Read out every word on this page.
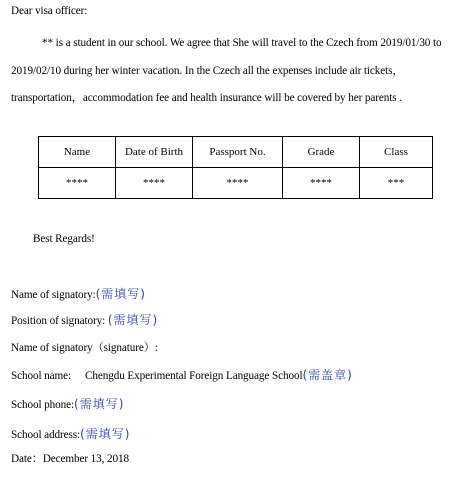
Dear visa officer:
** is a student in our school. We agree that She will travel to the Czech from 2019/01/30 to
2019/02/10 during her winter vacation. In the Czech all the expenses include air tickets，
transportation，accommodation fee and health insurance will be covered by her parents .
Name	Date of Birth	Passport No.	Grade	Class
****	****	****	****	***
Best Regards!
Name of signatory:(需填写)
Position of signatory: (需填写)
Name of signatory（signature）:
School name: Chengdu Experimental Foreign Language School(需盖章)
School phone:(需填写)
School address:(需填写)
Date：December 13, 2018
